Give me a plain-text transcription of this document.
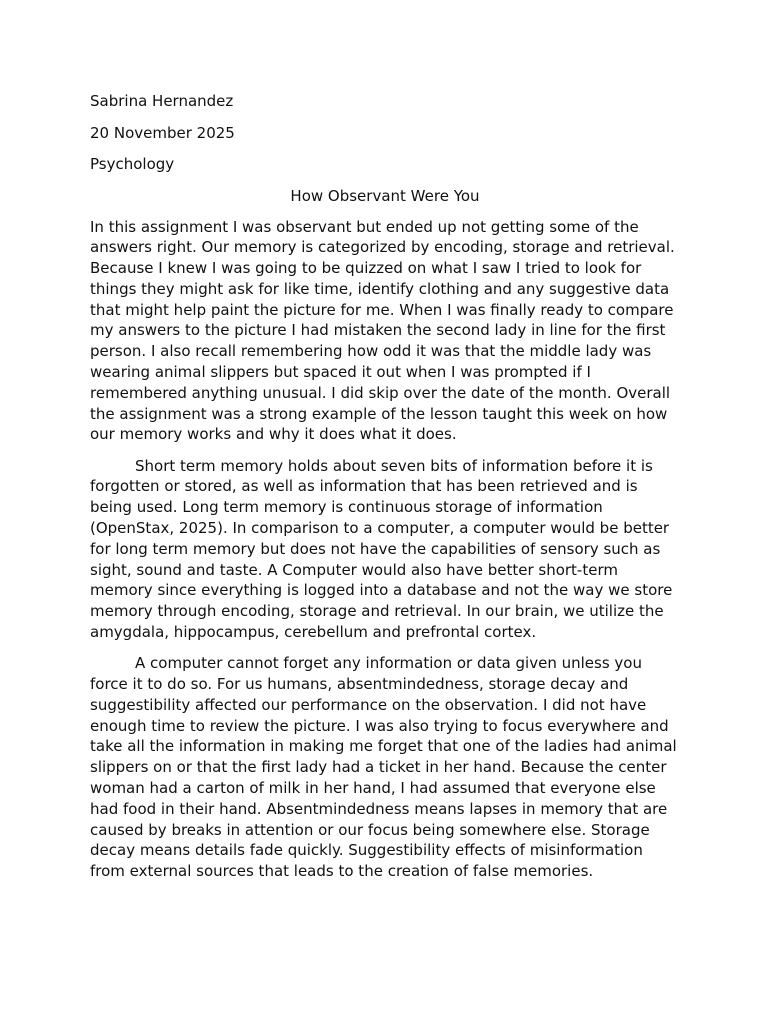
Sabrina Hernandez
20 November 2025
Psychology
How Observant Were You

In this assignment I was observant but ended up not getting some of the answers right. Our memory is categorized by encoding, storage and retrieval. Because I knew I was going to be quizzed on what I saw I tried to look for things they might ask for like time, identify clothing and any suggestive data that might help paint the picture for me. When I was finally ready to compare my answers to the picture I had mistaken the second lady in line for the first person. I also recall remembering how odd it was that the middle lady was wearing animal slippers but spaced it out when I was prompted if I remembered anything unusual. I did skip over the date of the month. Overall the assignment was a strong example of the lesson taught this week on how our memory works and why it does what it does.

Short term memory holds about seven bits of information before it is forgotten or stored, as well as information that has been retrieved and is being used. Long term memory is continuous storage of information (OpenStax, 2025). In comparison to a computer, a computer would be better for long term memory but does not have the capabilities of sensory such as sight, sound and taste. A Computer would also have better short-term memory since everything is logged into a database and not the way we store memory through encoding, storage and retrieval. In our brain, we utilize the amygdala, hippocampus, cerebellum and prefrontal cortex.

A computer cannot forget any information or data given unless you force it to do so. For us humans, absentmindedness, storage decay and suggestibility affected our performance on the observation. I did not have enough time to review the picture. I was also trying to focus everywhere and take all the information in making me forget that one of the ladies had animal slippers on or that the first lady had a ticket in her hand. Because the center woman had a carton of milk in her hand, I had assumed that everyone else had food in their hand. Absentmindedness means lapses in memory that are caused by breaks in attention or our focus being somewhere else. Storage decay means details fade quickly. Suggestibility effects of misinformation from external sources that leads to the creation of false memories.
